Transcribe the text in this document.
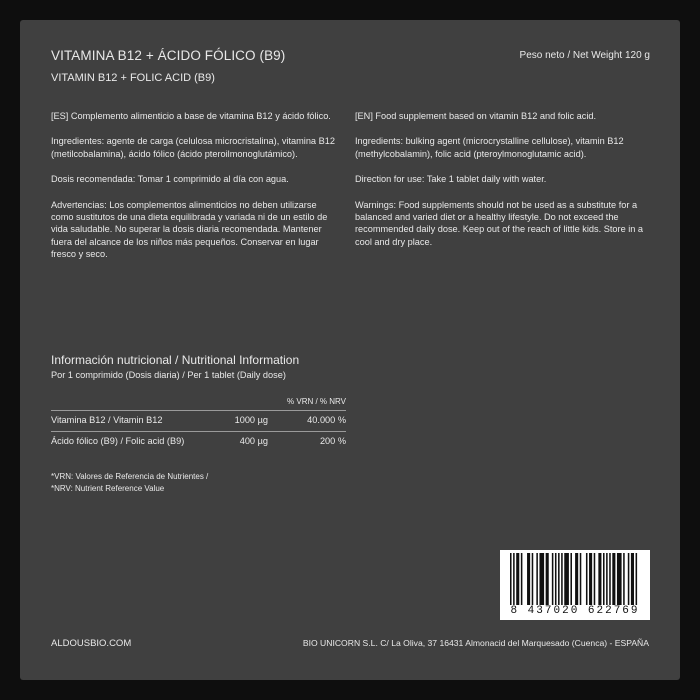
VITAMINA B12 + ÁCIDO FÓLICO (B9)
VITAMIN B12 + FOLIC ACID (B9)
Peso neto / Net Weight 120 g

[ES] Complemento alimenticio a base de vitamina B12 y ácido fólico.

Ingredientes: agente de carga (celulosa microcristalina), vitamina B12 (metilcobalamina), ácido fólico (ácido pteroilmonoglutámico).

Dosis recomendada: Tomar 1 comprimido al día con agua.

Advertencias: Los complementos alimenticios no deben utilizarse como sustitutos de una dieta equilibrada y variada ni de un estilo de vida saludable. No superar la dosis diaria recomendada. Mantener fuera del alcance de los niños más pequeños. Conservar en lugar fresco y seco.

[EN] Food supplement based on vitamin B12 and folic acid.

Ingredients: bulking agent (microcrystalline cellulose), vitamin B12 (methylcobalamin), folic acid (pteroylmonoglutamic acid).

Direction for use: Take 1 tablet daily with water.

Warnings: Food supplements should not be used as a substitute for a balanced and varied diet or a healthy lifestyle. Do not exceed the recommended daily dose. Keep out of the reach of little kids. Store in a cool and dry place.

Información nutricional / Nutritional Information
Por 1 comprimido (Dosis diaria) / Per 1 tablet (Daily dose)
% VRN / % NRV
Vitamina B12 / Vitamin B12	1000 µg	40.000 %
Ácido fólico (B9) / Folic acid (B9)	400 µg	200 %
*VRN: Valores de Referencia de Nutrientes /
*NRV: Nutrient Reference Value
8 437020 622769
ALDOUSBIO.COM	BIO UNICORN S.L. C/ La Oliva, 37 16431 Almonacid del Marquesado (Cuenca) - ESPAÑA
